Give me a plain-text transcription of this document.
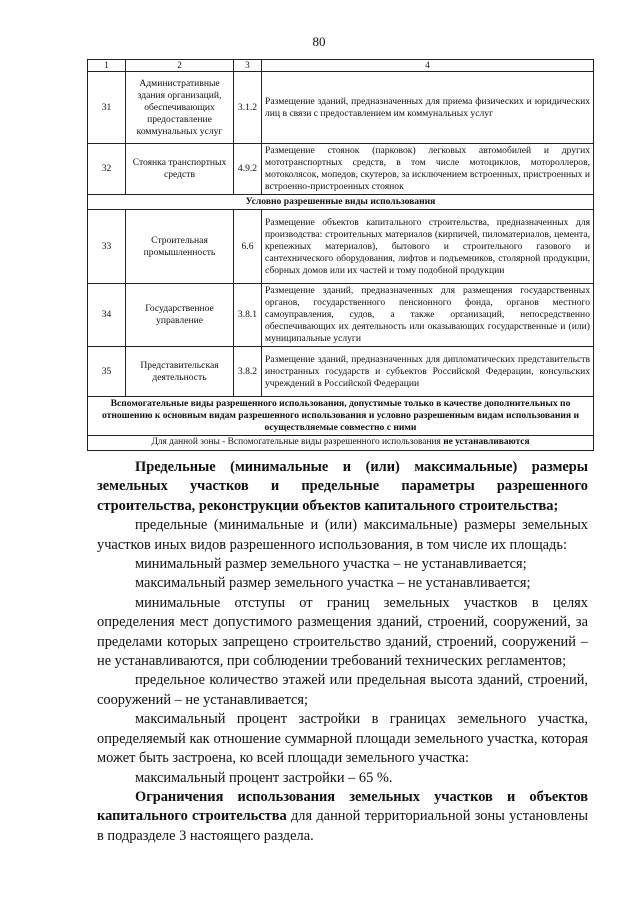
80
1	2	3	4
31	Административные здания организаций, обеспечивающих предоставление коммунальных услуг	3.1.2	Размещение зданий, предназначенных для приема физических и юридических лиц в связи с предоставлением им коммунальных услуг
32	Стоянка транспортных средств	4.9.2	Размещение стоянок (парковок) легковых автомобилей и других мототранспортных средств, в том числе мотоциклов, мотороллеров, мотоколясок, мопедов, скутеров, за исключением встроенных, пристроенных и встроенно-пристроенных стоянок
Условно разрешенные виды использования			
33	Строительная промышленность	6.6	Размещение объектов капитального строительства, предназначенных для производства: строительных материалов (кирпичей, пиломатериалов, цемента, крепежных материалов), бытового и строительного газового и сантехнического оборудования, лифтов и подъемников, столярной продукции, сборных домов или их частей и тому подобной продукции
34	Государственное управление	3.8.1	Размещение зданий, предназначенных для размещения государственных органов, государственного пенсионного фонда, органов местного самоуправления, судов, а также организаций, непосредственно обеспечивающих их деятельность или оказывающих государственные и (или) муниципальные услуги
35	Представительская деятельность	3.8.2	Размещение зданий, предназначенных для дипломатических представительств иностранных государств и субъектов Российской Федерации, консульских учреждений в Российской Федерации
Вспомогательные виды разрешенного использования, допустимые только в качестве дополнительных по отношению к основным видам разрешенного использования и условно разрешенным видам использования и осуществляемые совместно с ними			
Для данной зоны - Вспомогательные виды разрешенного использования не устанавливаются			

Предельные (минимальные и (или) максимальные) размеры земельных участков и предельные параметры разрешенного строительства, реконструкции объектов капитального строительства;

предельные (минимальные и (или) максимальные) размеры земельных участков иных видов разрешенного использования, в том числе их площадь:

минимальный размер земельного участка – не устанавливается;

максимальный размер земельного участка – не устанавливается;

минимальные отступы от границ земельных участков в целях определения мест допустимого размещения зданий, строений, сооружений, за пределами которых запрещено строительство зданий, строений, сооружений – не устанавливаются, при соблюдении требований технических регламентов;

предельное количество этажей или предельная высота зданий, строений, сооружений – не устанавливается;

максимальный процент застройки в границах земельного участка, определяемый как отношение суммарной площади земельного участка, которая может быть застроена, ко всей площади земельного участка:

максимальный процент застройки – 65 %.

Ограничения использования земельных участков и объектов капитального строительства для данной территориальной зоны установлены в подразделе 3 настоящего раздела.
